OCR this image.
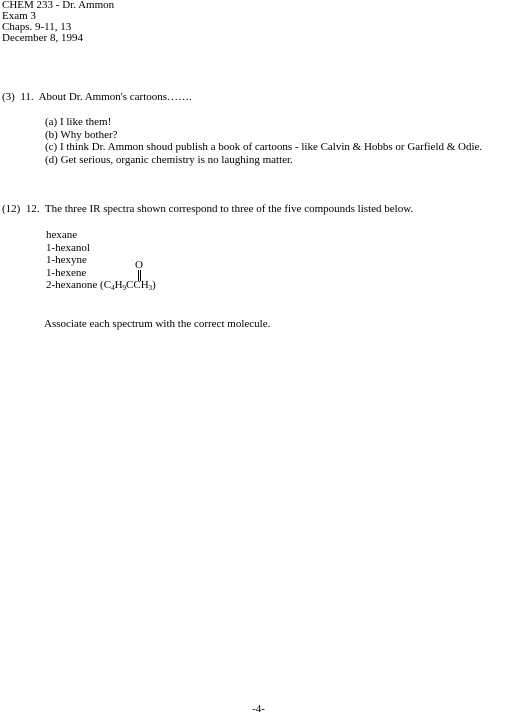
CHEM 233 - Dr. Ammon
Exam 3
Chaps. 9-11, 13
December 8, 1994
(3) 11. About Dr. Ammon's cartoons…….
(a) I like them!
(b) Why bother?
(c) I think Dr. Ammon shoud publish a book of cartoons - like Calvin & Hobbs or Garfield & Odie.
(d) Get serious, organic chemistry is no laughing matter.
(12) 12. The three IR spectra shown correspond to three of the five compounds listed below.
hexane
1-hexanol
1-hexyne
1-hexene
2-hexanone $(C_4H_9CCH_3)$
O
Associate each spectrum with the correct molecule.
-4-
